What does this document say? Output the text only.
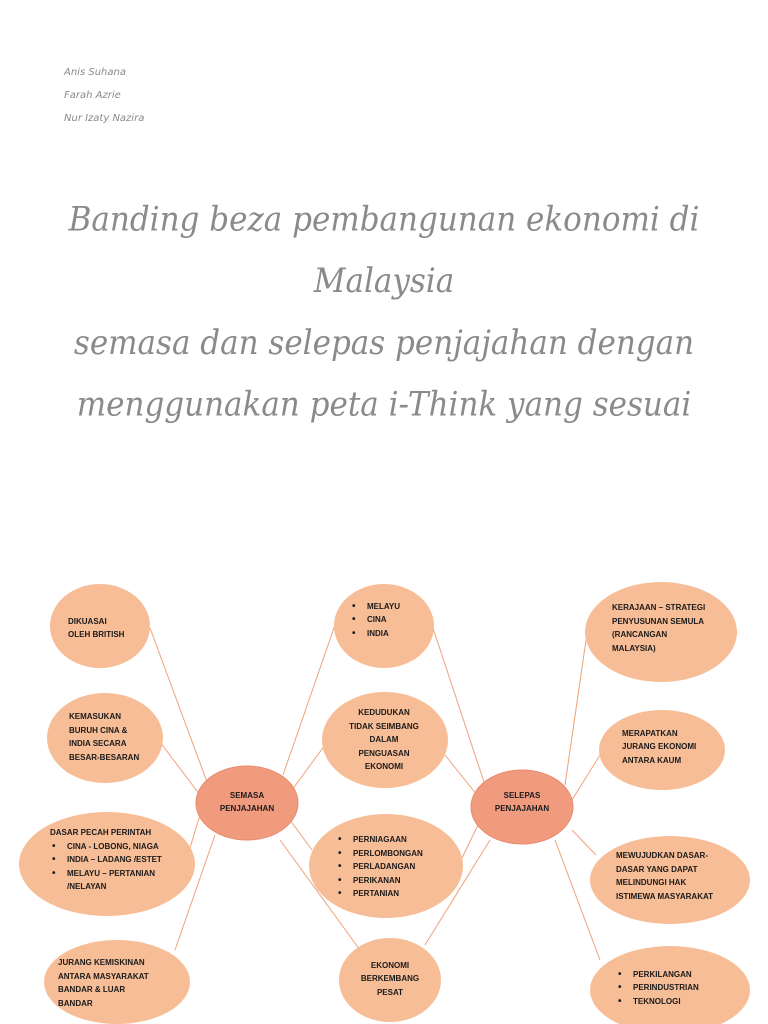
Anis Suhana
Farah Azrie
Nur Izaty Nazira
Banding beza pembangunan ekonomi di Malaysia
semasa dan selepas penjajahan dengan
menggunakan peta i-Think yang sesuai
DIKUASAI
OLEH BRITISH
KEMASUKAN
BURUH CINA &
INDIA SECARA
BESAR-BESARAN
DASAR PECAH PERINTAH
• CINA - LOBONG, NIAGA
• INDIA – LADANG /ESTET
• MELAYU – PERTANIAN /NELAYAN
JURANG KEMISKINAN
ANTARA MASYARAKAT
BANDAR & LUAR
BANDAR
SEMASA
PENJAJAHAN
SELEPAS
PENJAJAHAN
• MELAYU
• CINA
• INDIA
KEDUDUKAN
TIDAK SEIMBANG
DALAM
PENGUASAN
EKONOMI
• PERNIAGAAN
• PERLOMBONGAN
• PERLADANGAN
• PERIKANAN
• PERTANIAN
EKONOMI
BERKEMBANG
PESAT
KERAJAAN – STRATEGI
PENYUSUNAN SEMULA
(RANCANGAN
MALAYSIA)
MERAPATKAN
JURANG EKONOMI
ANTARA KAUM
MEWUJUDKAN DASAR-
DASAR YANG DAPAT
MELINDUNGI HAK
ISTIMEWA MASYARAKAT
• PERKILANGAN
• PERINDUSTRIAN
• TEKNOLOGI
